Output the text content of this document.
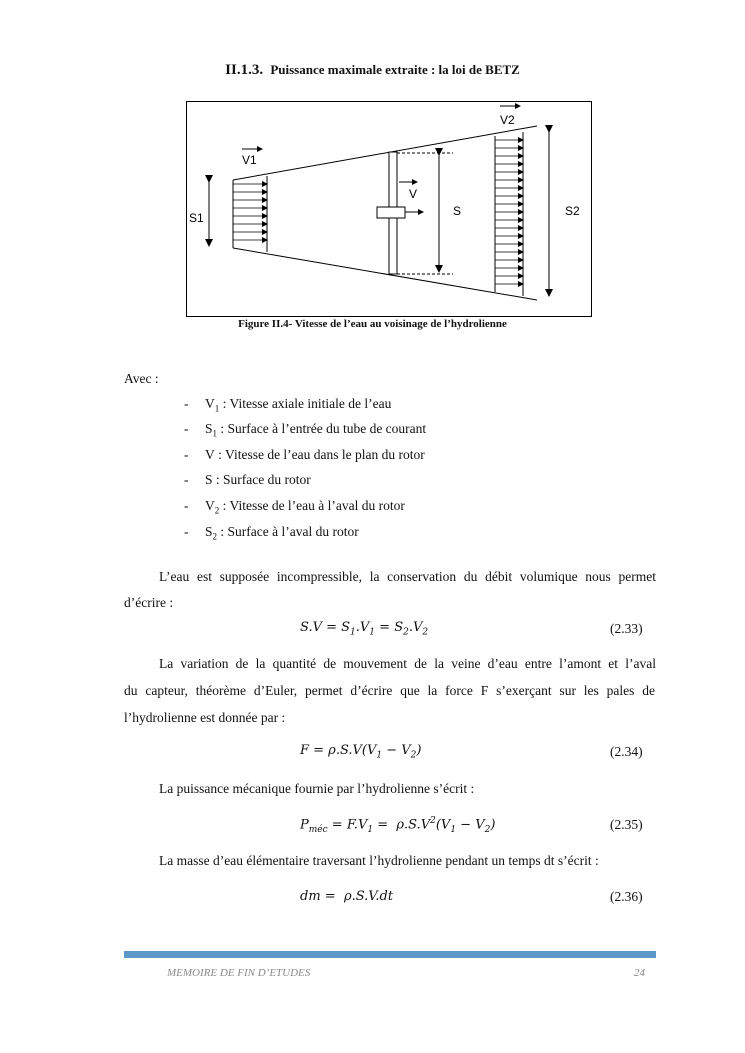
II.1.3. Puissance maximale extraite : la loi de BETZ
S1
V1
V
S
V2
S2
Figure II.4- Vitesse de l’eau au voisinage de l’hydrolienne
Avec :
- $V_1$ : Vitesse axiale initiale de l’eau
- $S_1$ : Surface à l’entrée du tube de courant
- V : Vitesse de l’eau dans le plan du rotor
- S : Surface du rotor
- $V_2$ : Vitesse de l’eau à l’aval du rotor
- $S_2$ : Surface à l’aval du rotor
L’eau est supposée incompressible, la conservation du débit volumique nous permet
d’écrire :
$S.V = S_1.V_1 = S_2.V_2$	(2.33)
La variation de la quantité de mouvement de la veine d’eau entre l’amont et l’aval
du capteur, théorème d’Euler, permet d’écrire que la force F s’exerçant sur les pales de
l’hydrolienne est donnée par :
$F = \rho.S.V(V_1 - V_2)$	(2.34)
La puissance mécanique fournie par l’hydrolienne s’écrit :
$P_{méc} = F.V_1 = \rho.S.V^2(V_1 - V_2)$	(2.35)
La masse d’eau élémentaire traversant l’hydrolienne pendant un temps dt s’écrit :
dm =  ρ.S.V.dt	(2.36)
MEMOIRE DE FIN D’ETUDES	24
